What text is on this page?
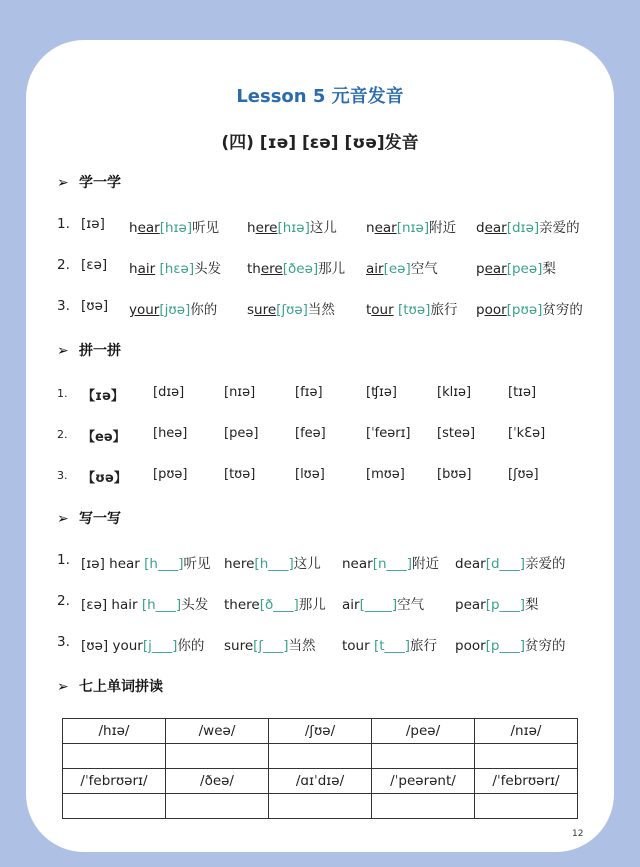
Lesson 5 元音发音
(四) [ɪə] [εə] [ʊə]发音
➢ 学一学
1. [ɪə] hear[hɪə]听见 here[hɪə]这儿 near[nɪə]附近 dear[dɪə]亲爱的
2. [εə] hair [hεə]头发 there[ðeə]那儿 air[eə]空气	pear[peə]梨
3. [ʊə] your[jʊə]你的 sure[ʃʊə]当然 tour [tʊə]旅行 poor[pʊə]贫穷的
➢ 拼一拼
1. 【ɪə】 [dɪə]	[nɪə]	[fɪə]	[ʧɪə]	[klɪə]	[tɪə]
2. 【eə】 [heə]	[peə]	[feə]	[ˈfeərɪ] [steə]	[ˈkƐə]
3. 【ʊə】 [pʊə]	[tʊə]	[lʊə]	[mʊə] [bʊə]	[ʃʊə]
➢ 写一写
1. [ɪə] hear [h___]听见 here[h___]这儿 near[n___]附近 dear[d___]亲爱的
2. [εə] hair [h___]头发 there[ð___]那儿 air[____]空气 pear[p___]梨
3. [ʊə] your[j___]你的 sure[ʃ___]当然 tour [t___]旅行 poor[p___]贫穷的
➢ 七上单词拼读
/hɪə/	/weə/	/ʃʊə/	/peə/	/nɪə/

/ˈfebrʊərɪ/	/ðeə/	/ɑɪˈdɪə/	/ˈpeərənt/	/ˈfebrʊərɪ/

12
